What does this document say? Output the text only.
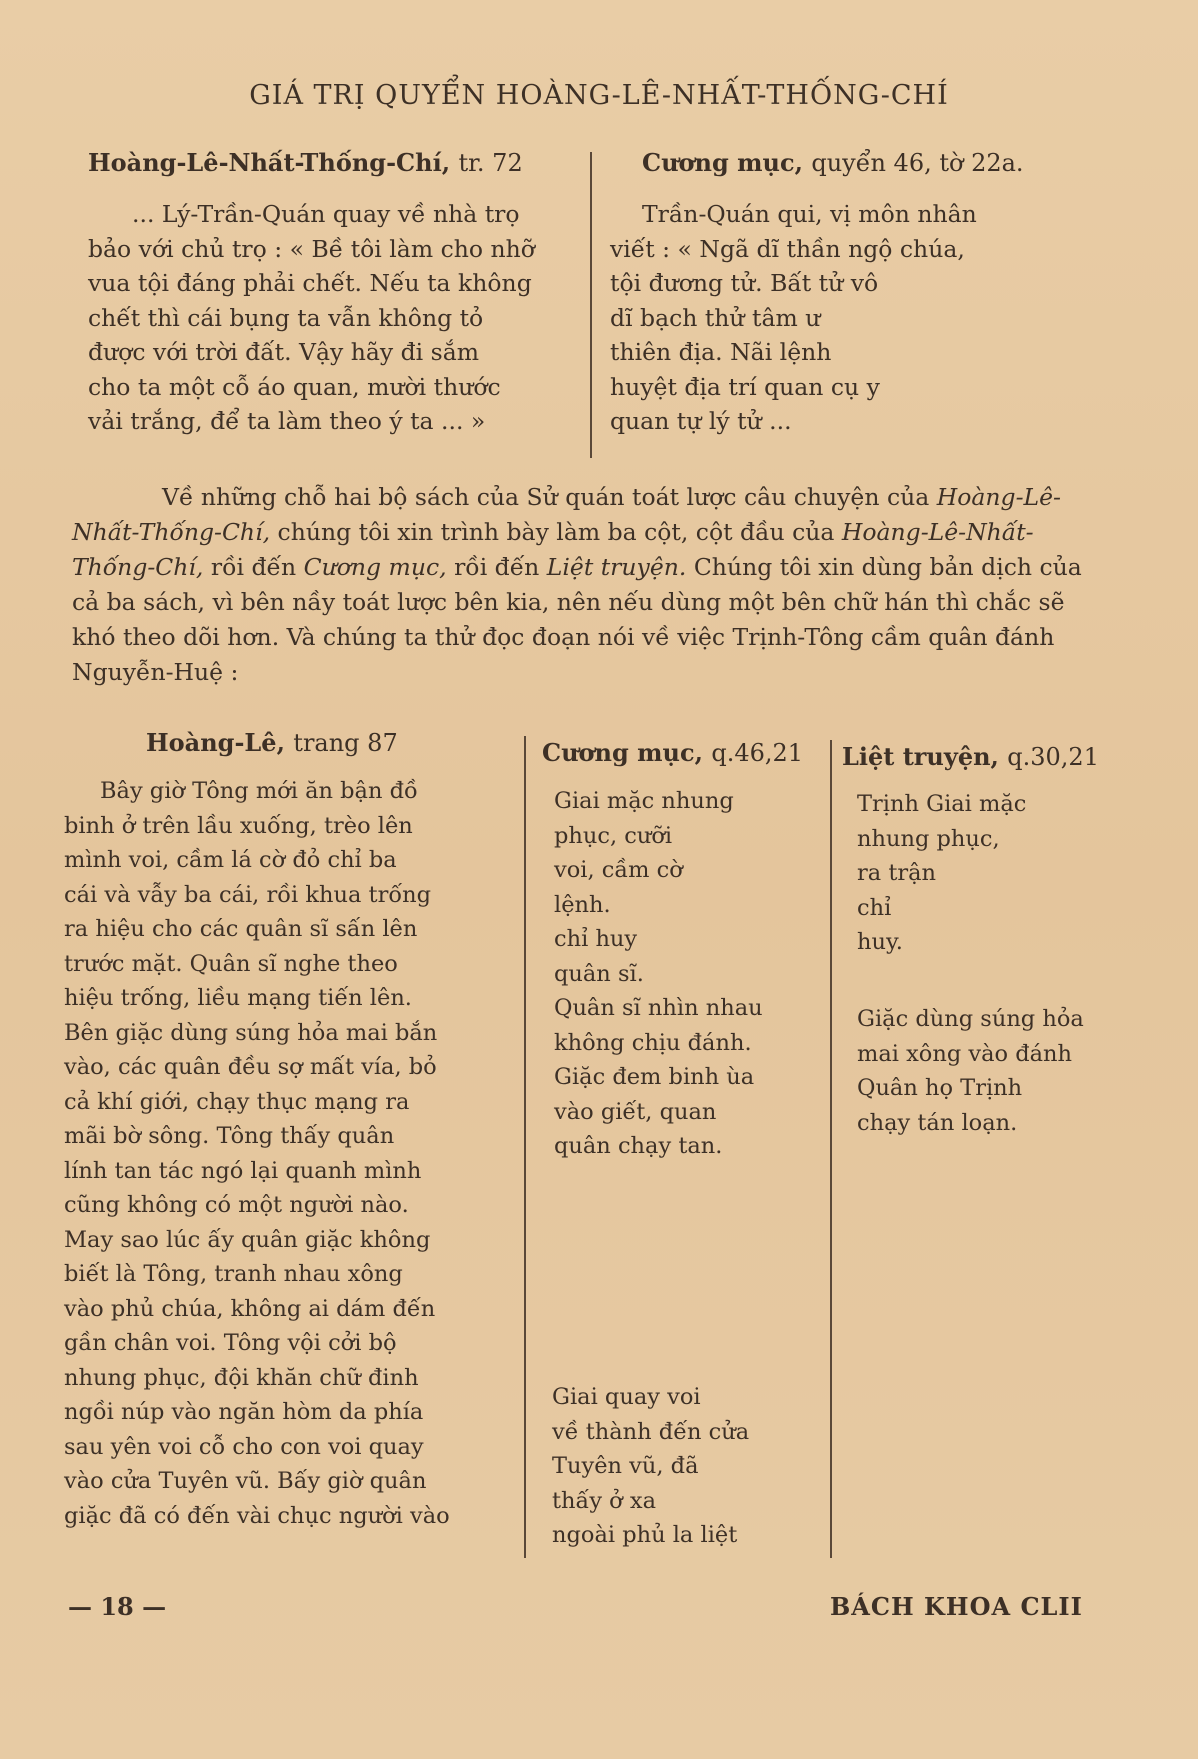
GIÁ TRỊ QUYỂN HOÀNG-LÊ-NHẤT-THỐNG-CHÍ
Hoàng-Lê-Nhất-Thống-Chí, tr. 72
... Lý-Trần-Quán quay về nhà trọ
bảo với chủ trọ : « Bề tôi làm cho nhỡ
vua tội đáng phải chết. Nếu ta không
chết thì cái bụng ta vẫn không tỏ
được với trời đất. Vậy hãy đi sắm
cho ta một cỗ áo quan, mười thước
vải trắng, để ta làm theo ý ta ... »
Cương mục, quyển 46, tờ 22a.
Trần-Quán qui, vị môn nhân
viết : « Ngã dĩ thần ngộ chúa,
tội đương tử. Bất tử vô
dĩ bạch thử tâm ư
thiên địa. Nãi lệnh
huyệt địa trí quan cụ y
quan tự lý tử ...

Về những chỗ hai bộ sách của Sử quán toát lược câu chuyện của Hoàng-Lê-Nhất-Thống-Chí, chúng tôi xin trình bày làm ba cột, cột đầu của Hoàng-Lê-Nhất-Thống-Chí, rồi đến Cương mục, rồi đến Liệt truyện. Chúng tôi xin dùng bản dịch của cả ba sách, vì bên nầy toát lược bên kia, nên nếu dùng một bên chữ hán thì chắc sẽ khó theo dõi hơn. Và chúng ta thử đọc đoạn nói về việc Trịnh-Tông cầm quân đánh Nguyễn-Huệ :

Hoàng-Lê, trang 87
Bây giờ Tông mới ăn bận đồ
binh ở trên lầu xuống, trèo lên
mình voi, cầm lá cờ đỏ chỉ ba
cái và vẫy ba cái, rồi khua trống
ra hiệu cho các quân sĩ sấn lên
trước mặt. Quân sĩ nghe theo
hiệu trống, liều mạng tiến lên.
Bên giặc dùng súng hỏa mai bắn
vào, các quân đều sợ mất vía, bỏ
cả khí giới, chạy thục mạng ra
mãi bờ sông. Tông thấy quân
lính tan tác ngó lại quanh mình
cũng không có một người nào.
May sao lúc ấy quân giặc không
biết là Tông, tranh nhau xông
vào phủ chúa, không ai dám đến
gần chân voi. Tông vội cởi bộ
nhung phục, đội khăn chữ đinh
ngồi núp vào ngăn hòm da phía
sau yên voi cỗ cho con voi quay
vào cửa Tuyên vũ. Bấy giờ quân
giặc đã có đến vài chục người vào
Cương mục, q.46,21
Giai mặc nhung
phục, cưỡi
voi, cầm cờ
lệnh.
chỉ huy
quân sĩ.
Quân sĩ nhìn nhau
không chịu đánh.
Giặc đem binh ùa
vào giết, quan
quân chạy tan.
Giai quay voi
về thành đến cửa
Tuyên vũ, đã
thấy ở xa
ngoài phủ la liệt
Liệt truyện, q.30,21
Trịnh Giai mặc
nhung phục,
ra trận
chỉ
huy.
Giặc dùng súng hỏa
mai xông vào đánh
Quân họ Trịnh
chạy tán loạn.
— 18 —	BÁCH KHOA CLII
